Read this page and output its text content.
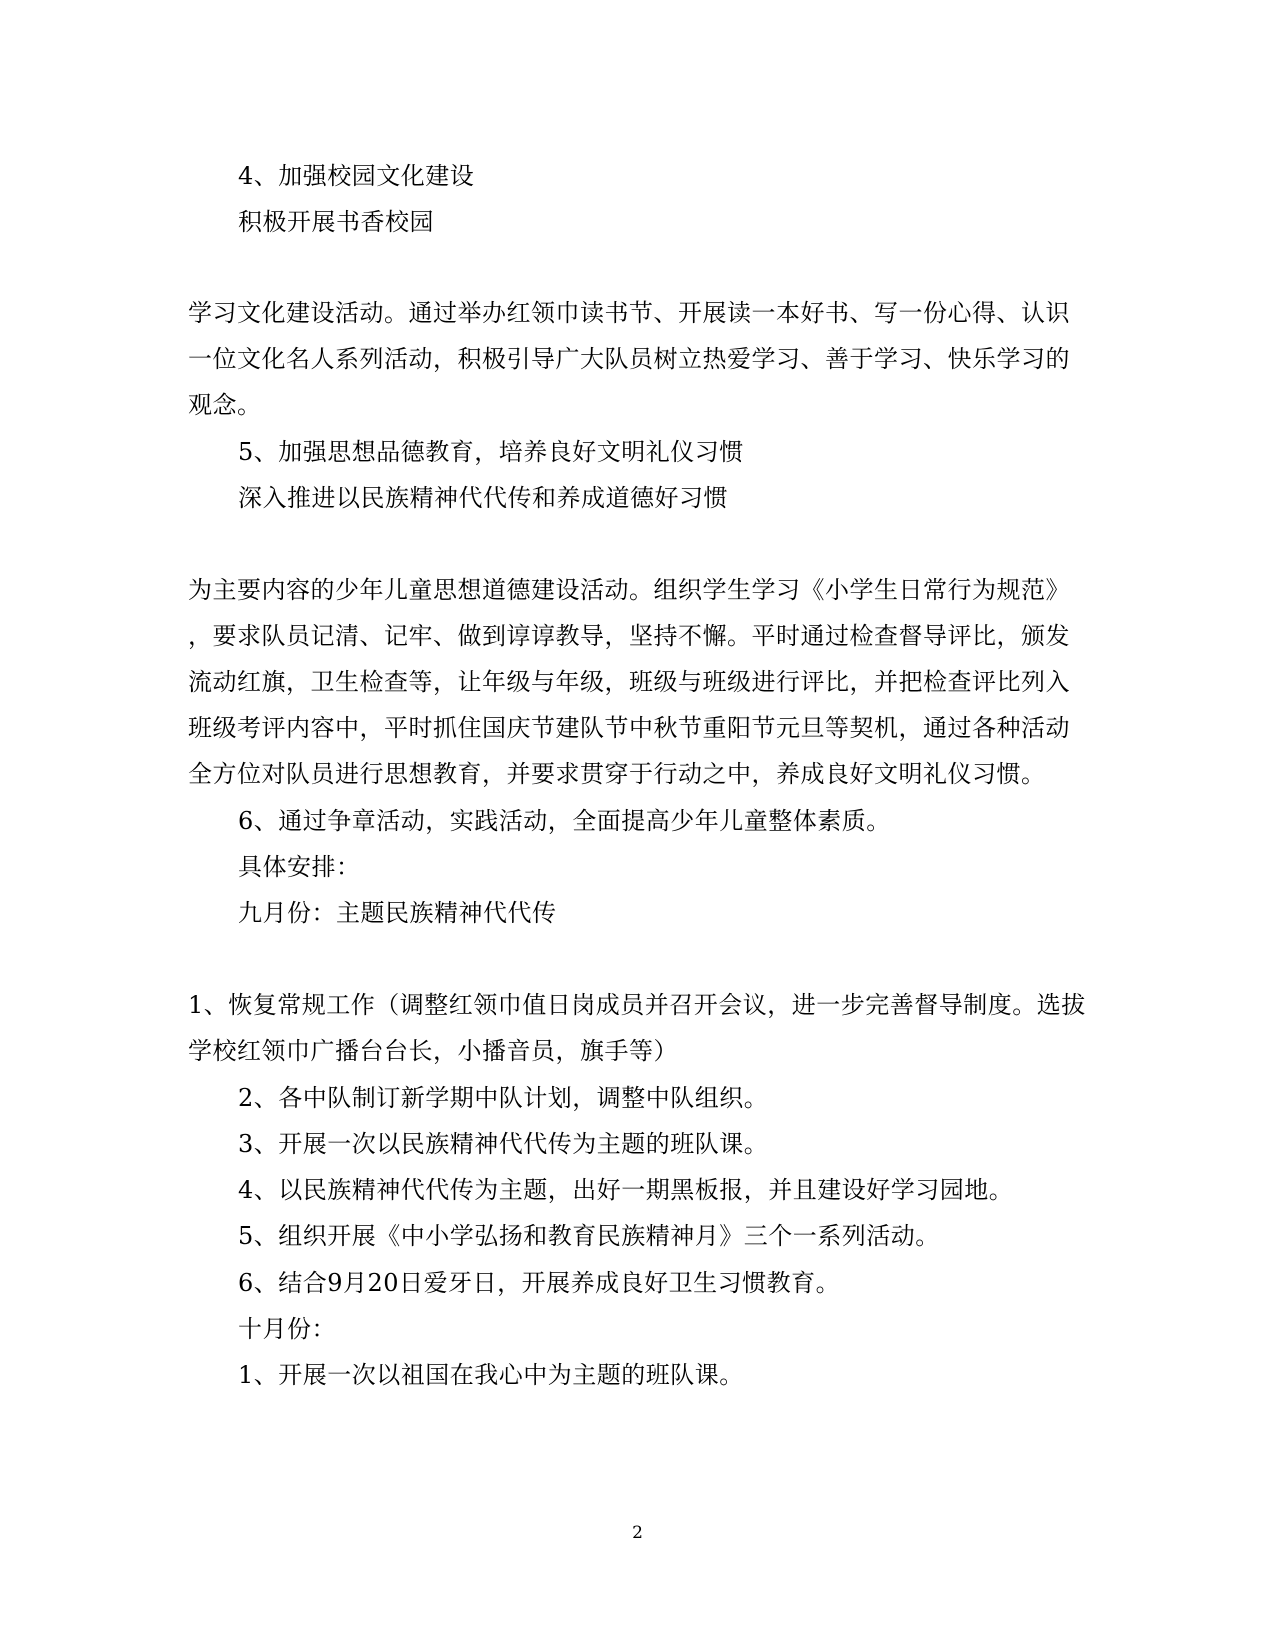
4、加强校园文化建设
积极开展书香校园
学习文化建设活动。通过举办红领巾读书节、开展读一本好书、写一份心得、认识
一位文化名人系列活动，积极引导广大队员树立热爱学习、善于学习、快乐学习的
观念。
5、加强思想品德教育，培养良好文明礼仪习惯
深入推进以民族精神代代传和养成道德好习惯
为主要内容的少年儿童思想道德建设活动。组织学生学习《小学生日常行为规范》
，要求队员记清、记牢、做到谆谆教导，坚持不懈。平时通过检查督导评比，颁发
流动红旗，卫生检查等，让年级与年级，班级与班级进行评比，并把检查评比列入
班级考评内容中，平时抓住国庆节建队节中秋节重阳节元旦等契机，通过各种活动
全方位对队员进行思想教育，并要求贯穿于行动之中，养成良好文明礼仪习惯。
6、通过争章活动，实践活动，全面提高少年儿童整体素质。
具体安排：
九月份：主题民族精神代代传
1、恢复常规工作（调整红领巾值日岗成员并召开会议，进一步完善督导制度。选拔
学校红领巾广播台台长，小播音员，旗手等）
2、各中队制订新学期中队计划，调整中队组织。
3、开展一次以民族精神代代传为主题的班队课。
4、以民族精神代代传为主题，出好一期黑板报，并且建设好学习园地。
5、组织开展《中小学弘扬和教育民族精神月》三个一系列活动。
6、结合9月20日爱牙日，开展养成良好卫生习惯教育。
十月份：
1、开展一次以祖国在我心中为主题的班队课。
2
